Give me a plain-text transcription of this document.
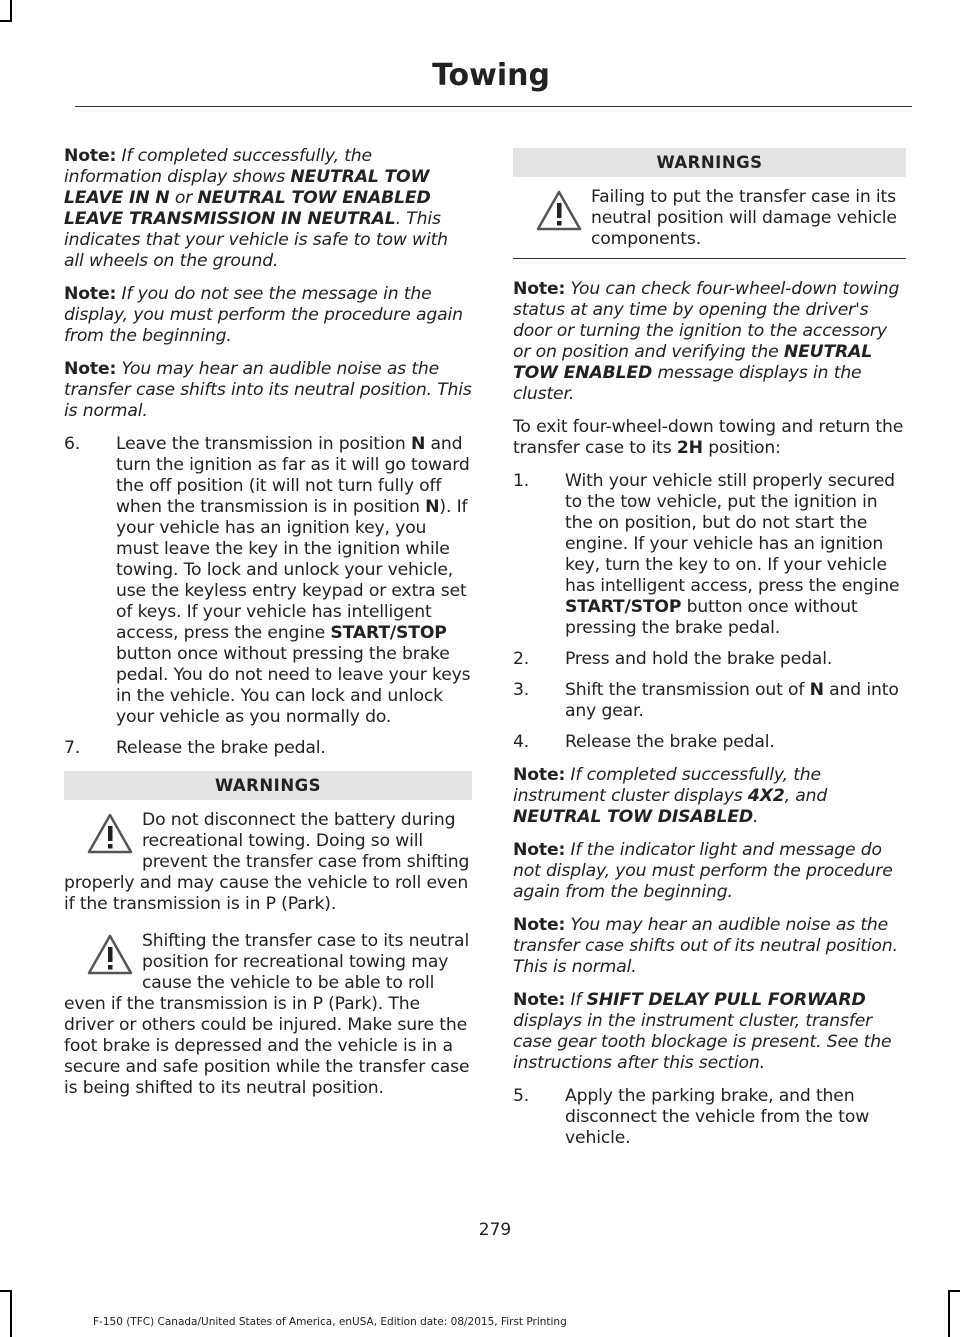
Towing

Note: If completed successfully, the information display shows NEUTRAL TOW LEAVE IN N or NEUTRAL TOW ENABLED LEAVE TRANSMISSION IN NEUTRAL. This indicates that your vehicle is safe to tow with all wheels on the ground.

Note: If you do not see the message in the display, you must perform the procedure again from the beginning.

Note: You may hear an audible noise as the transfer case shifts into its neutral position. This is normal.

6. Leave the transmission in position N and turn the ignition as far as it will go toward the off position (it will not turn fully off when the transmission is in position N). If your vehicle has an ignition key, you must leave the key in the ignition while towing. To lock and unlock your vehicle, use the keyless entry keypad or extra set of keys. If your vehicle has intelligent access, press the engine START/STOP button once without pressing the brake pedal. You do not need to leave your keys in the vehicle. You can lock and unlock your vehicle as you normally do.
7. Release the brake pedal.
WARNINGS
Do not disconnect the battery during recreational towing. Doing so will prevent the transfer case from shifting properly and may cause the vehicle to roll even if the transmission is in P (Park).
Shifting the transfer case to its neutral position for recreational towing may cause the vehicle to be able to roll even if the transmission is in P (Park). The driver or others could be injured. Make sure the foot brake is depressed and the vehicle is in a secure and safe position while the transfer case is being shifted to its neutral position.
WARNINGS
Failing to put the transfer case in its neutral position will damage vehicle components.

Note: You can check four-wheel-down towing status at any time by opening the driver's door or turning the ignition to the accessory or on position and verifying the NEUTRAL TOW ENABLED message displays in the cluster.

To exit four-wheel-down towing and return the transfer case to its 2H position:

1. With your vehicle still properly secured to the tow vehicle, put the ignition in the on position, but do not start the engine. If your vehicle has an ignition key, turn the key to on. If your vehicle has intelligent access, press the engine START/STOP button once without pressing the brake pedal.
2. Press and hold the brake pedal.
3. Shift the transmission out of N and into any gear.
4. Release the brake pedal.

Note: If completed successfully, the instrument cluster displays 4X2, and NEUTRAL TOW DISABLED.

Note: If the indicator light and message do not display, you must perform the procedure again from the beginning.

Note: You may hear an audible noise as the transfer case shifts out of its neutral position. This is normal.

Note: If SHIFT DELAY PULL FORWARD displays in the instrument cluster, transfer case gear tooth blockage is present. See the instructions after this section.

5. Apply the parking brake, and then disconnect the vehicle from the tow vehicle.
279
F-150 (TFC) Canada/United States of America, enUSA, Edition date: 08/2015, First Printing
